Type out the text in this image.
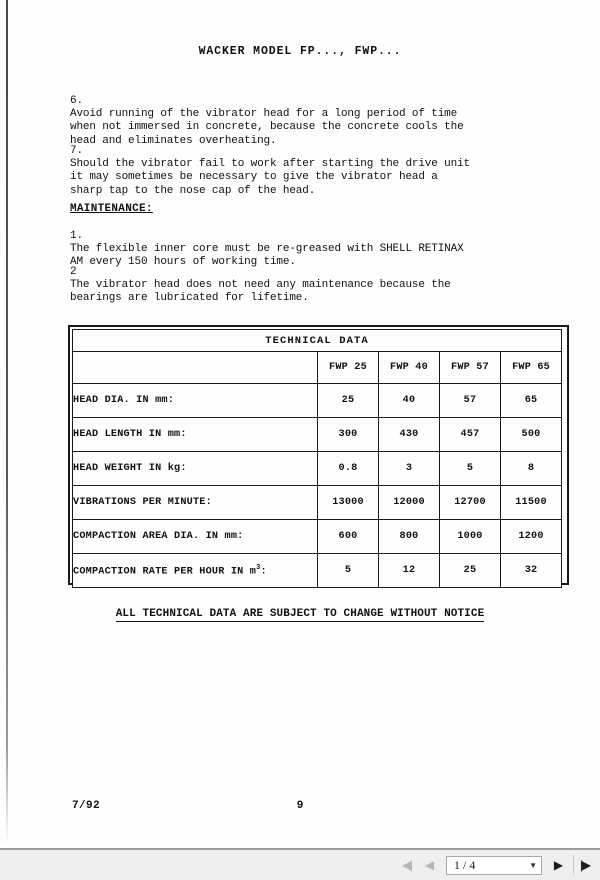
WACKER MODEL FP..., FWP...
6.
Avoid running of the vibrator head for a long period of time
when not immersed in concrete, because the concrete cools the
head and eliminates overheating.
7.
Should the vibrator fail to work after starting the drive unit
it may sometimes be necessary to give the vibrator head a
sharp tap to the nose cap of the head.
MAINTENANCE:
1.
The flexible inner core must be re-greased with SHELL RETINAX
AM every 150 hours of working time.
2
The vibrator head does not need any maintenance because the
bearings are lubricated for lifetime.
TECHNICAL DATA				
	FWP 25	FWP 40	FWP 57	FWP 65
HEAD DIA. IN mm:	25	40	57	65
HEAD LENGTH IN mm:	300	430	457	500
HEAD WEIGHT IN kg:	0.8	3	5	8
VIBRATIONS PER MINUTE:	13000	12000	12700	11500
COMPACTION AREA DIA. IN mm:	600	800	1000	1200
COMPACTION RATE PER HOUR IN $m^3$:	5	12	25	32
ALL TECHNICAL DATA ARE SUBJECT TO CHANGE WITHOUT NOTICE
7/92	9
◀| ◀ 1 / 4	▼ ▶ |▶
